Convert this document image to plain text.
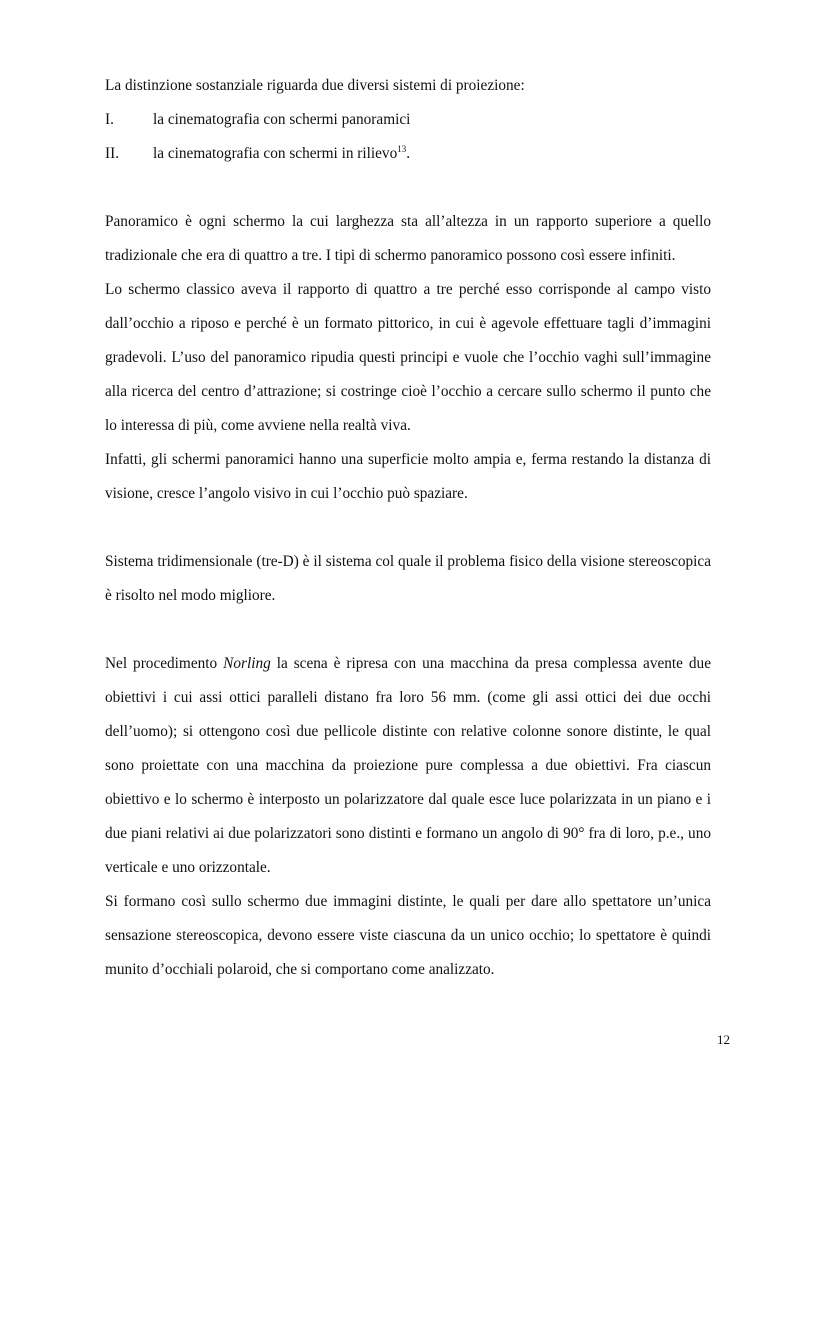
La distinzione sostanziale riguarda due diversi sistemi di proiezione:

I.	la cinematografia con schermi panoramici

II.	la cinematografia con schermi in rilievo$^{13}$.

Panoramico è ogni schermo la cui larghezza sta all’altezza in un rapporto superiore a quello tradizionale che era di quattro a tre. I tipi di schermo panoramico possono così essere infiniti.

Lo schermo classico aveva il rapporto di quattro a tre perché esso corrisponde al campo visto dall’occhio a riposo e perché è un formato pittorico, in cui è agevole effettuare tagli d’immagini gradevoli. L’uso del panoramico ripudia questi principi e vuole che l’occhio vaghi sull’immagine alla ricerca del centro d’attrazione; si costringe cioè l’occhio a cercare sullo schermo il punto che lo interessa di più, come avviene nella realtà viva.

Infatti, gli schermi panoramici hanno una superficie molto ampia e, ferma restando la distanza di visione, cresce l’angolo visivo in cui l’occhio può spaziare.

Sistema tridimensionale (tre-D) è il sistema col quale il problema fisico della visione stereoscopica è risolto nel modo migliore.

Nel procedimento Norling la scena è ripresa con una macchina da presa complessa avente due obiettivi i cui assi ottici paralleli distano fra loro 56 mm. (come gli assi ottici dei due occhi dell’uomo); si ottengono così due pellicole distinte con relative colonne sonore distinte, le qual sono proiettate con una macchina da proiezione pure complessa a due obiettivi. Fra ciascun obiettivo e lo schermo è interposto un polarizzatore dal quale esce luce polarizzata in un piano e i due piani relativi ai due polarizzatori sono distinti e formano un angolo di 90° fra di loro, p.e., uno verticale e uno orizzontale.

Si formano così sullo schermo due immagini distinte, le quali per dare allo spettatore un’unica sensazione stereoscopica, devono essere viste ciascuna da un unico occhio; lo spettatore è quindi munito d’occhiali polaroid, che si comportano come analizzato.

12
